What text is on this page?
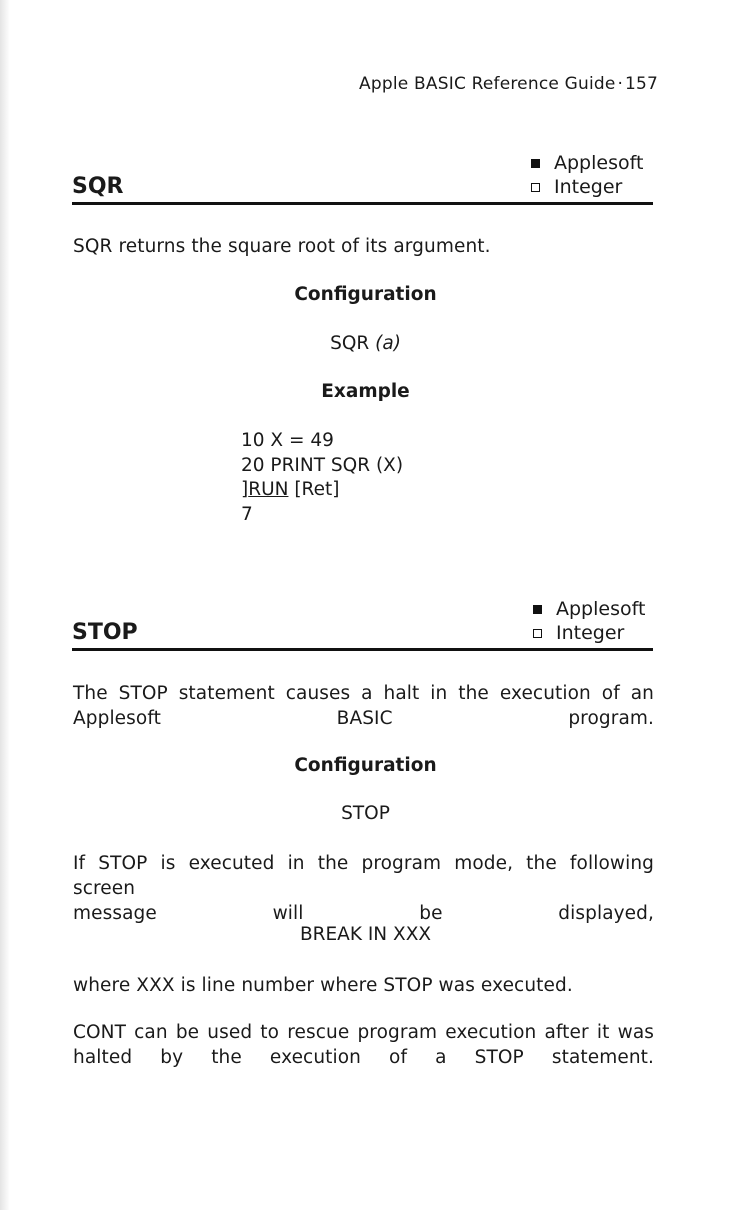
Apple BASIC Reference Guide · 157
Applesoft
Integer
SQR
SQR returns the square root of its argument.
Configuration
SQR (a)
Example
10 X = 49
20 PRINT SQR (X)
]RUN [Ret]
7
Applesoft
Integer
STOP
The STOP statement causes a halt in the execution of an
Applesoft BASIC program.
Configuration
STOP
If STOP is executed in the program mode, the following screen
message will be displayed,
BREAK IN XXX
where XXX is line number where STOP was executed.
CONT can be used to rescue program execution after it was
halted by the execution of a STOP statement.
